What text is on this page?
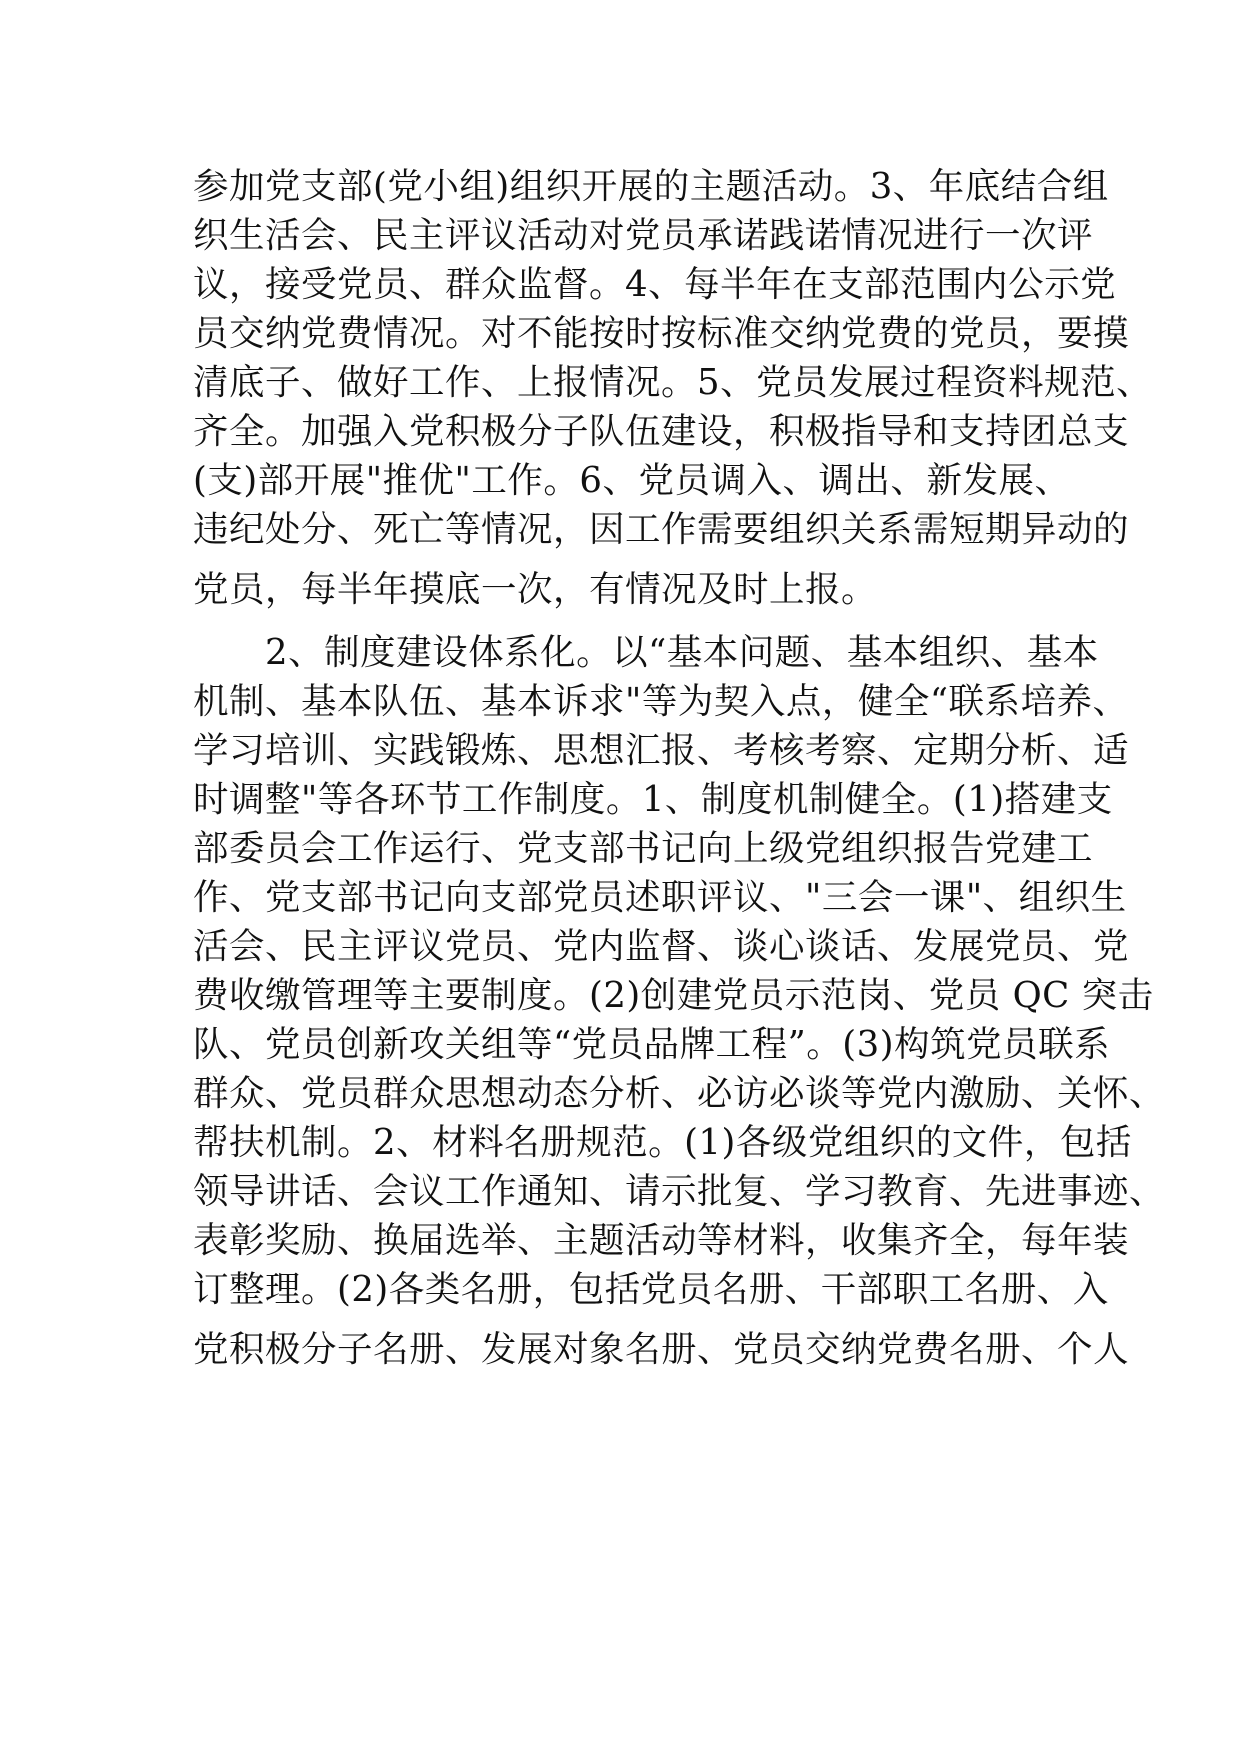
参加党支部(党小组)组织开展的主题活动。3、年底结合组
织生活会、民主评议活动对党员承诺践诺情况进行一次评
议，接受党员、群众监督。4、每半年在支部范围内公示党
员交纳党费情况。对不能按时按标准交纳党费的党员，要摸
清底子、做好工作、上报情况。5、党员发展过程资料规范、
齐全。加强入党积极分子队伍建设，积极指导和支持团总支
(支)部开展"推优"工作。6、党员调入、调出、新发展、
违纪处分、死亡等情况，因工作需要组织关系需短期异动的
党员，每半年摸底一次，有情况及时上报。
　　2、制度建设体系化。以“基本问题、基本组织、基本
机制、基本队伍、基本诉求"等为契入点，健全“联系培养、
学习培训、实践锻炼、思想汇报、考核考察、定期分析、适
时调整"等各环节工作制度。1、制度机制健全。(1)搭建支
部委员会工作运行、党支部书记向上级党组织报告党建工
作、党支部书记向支部党员述职评议、"三会一课"、组织生
活会、民主评议党员、党内监督、谈心谈话、发展党员、党
费收缴管理等主要制度。(2)创建党员示范岗、党员 QC 突击
队、党员创新攻关组等“党员品牌工程”。(3)构筑党员联系
群众、党员群众思想动态分析、必访必谈等党内激励、关怀、
帮扶机制。2、材料名册规范。(1)各级党组织的文件，包括
领导讲话、会议工作通知、请示批复、学习教育、先进事迹、
表彰奖励、换届选举、主题活动等材料，收集齐全，每年装
订整理。(2)各类名册，包括党员名册、干部职工名册、入
党积极分子名册、发展对象名册、党员交纳党费名册、个人
